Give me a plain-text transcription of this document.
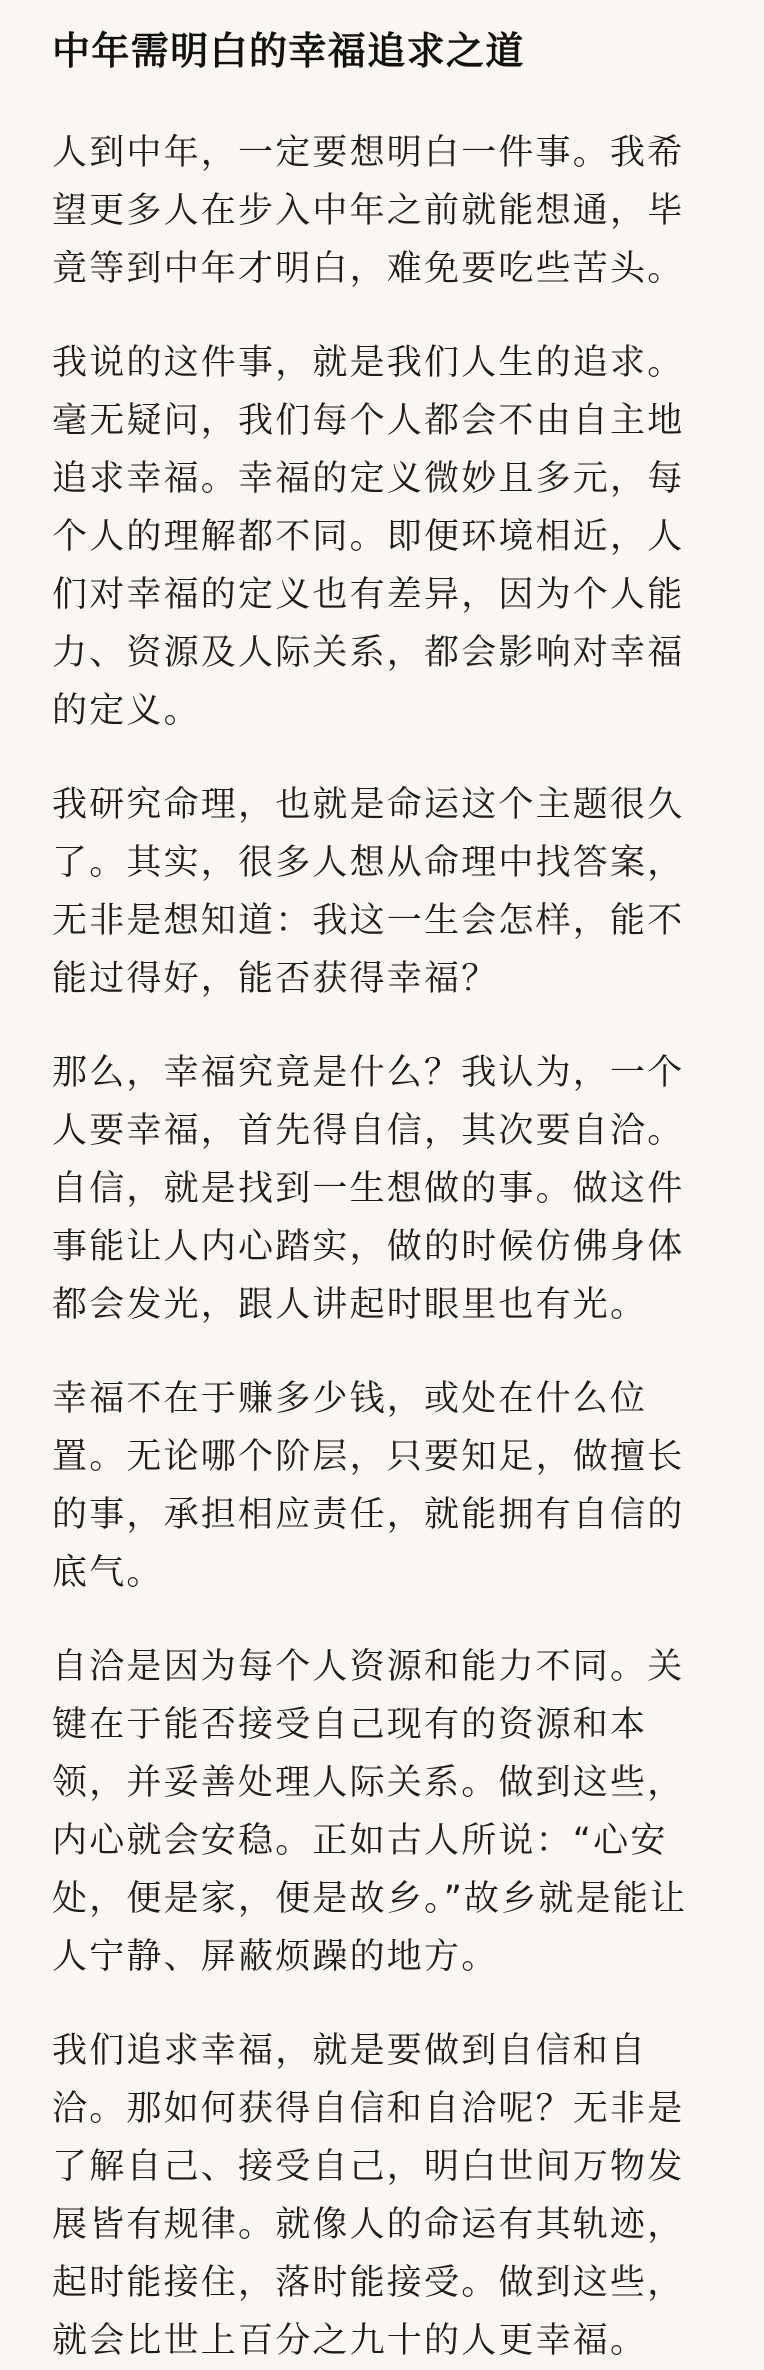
中年需明白的幸福追求之道

人到中年，一定要想明白一件事。我希望更多人在步入中年之前就能想通，毕竟等到中年才明白，难免要吃些苦头。

我说的这件事，就是我们人生的追求。毫无疑问，我们每个人都会不由自主地追求幸福。幸福的定义微妙且多元，每个人的理解都不同。即便环境相近，人们对幸福的定义也有差异，因为个人能力、资源及人际关系，都会影响对幸福的定义。

我研究命理，也就是命运这个主题很久了。其实，很多人想从命理中找答案，无非是想知道：我这一生会怎样，能不能过得好，能否获得幸福？

那么，幸福究竟是什么？我认为，一个人要幸福，首先得自信，其次要自洽。自信，就是找到一生想做的事。做这件事能让人内心踏实，做的时候仿佛身体都会发光，跟人讲起时眼里也有光。

幸福不在于赚多少钱，或处在什么位置。无论哪个阶层，只要知足，做擅长的事，承担相应责任，就能拥有自信的底气。

自洽是因为每个人资源和能力不同。关键在于能否接受自己现有的资源和本领，并妥善处理人际关系。做到这些，内心就会安稳。正如古人所说：“心安处，便是家，便是故乡。”故乡就是能让人宁静、屏蔽烦躁的地方。

我们追求幸福，就是要做到自信和自洽。那如何获得自信和自洽呢？无非是了解自己、接受自己，明白世间万物发展皆有规律。就像人的命运有其轨迹，起时能接住，落时能接受。做到这些，就会比世上百分之九十的人更幸福。
